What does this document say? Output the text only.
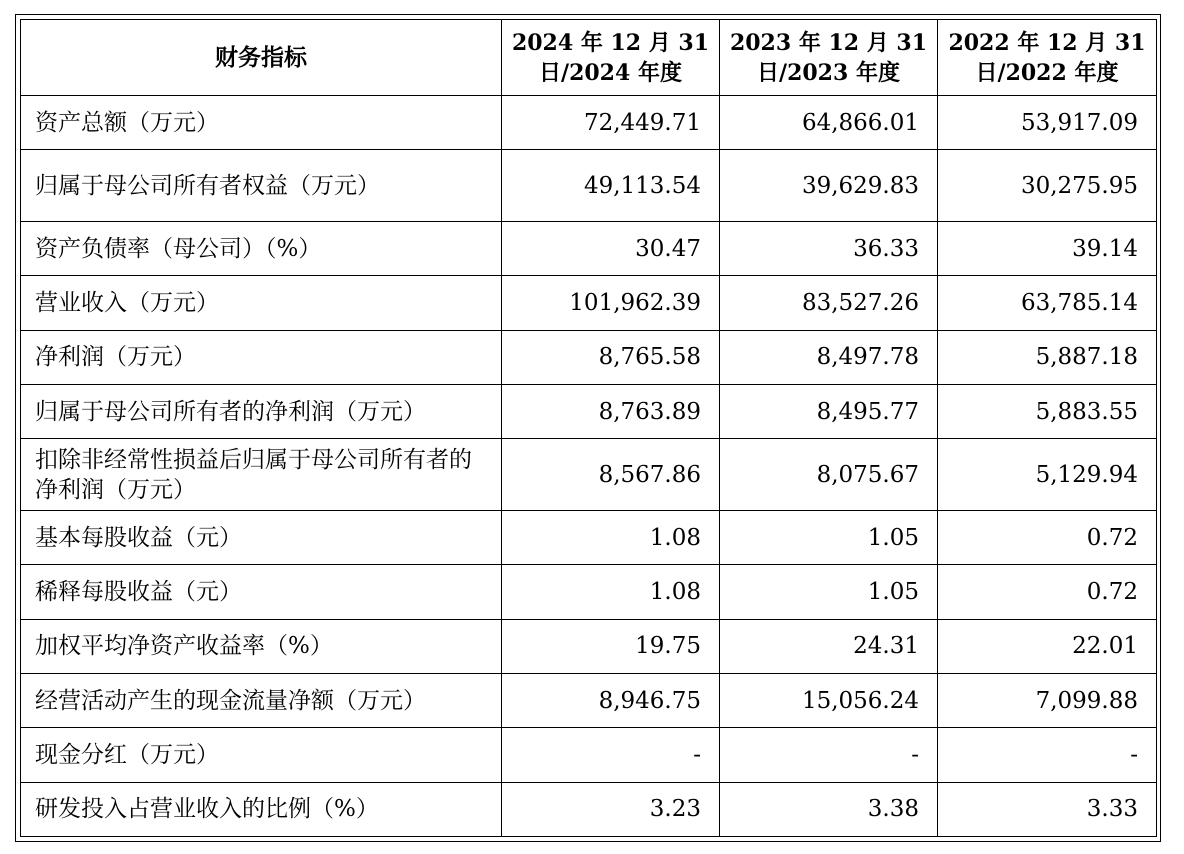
财务指标	2024 年 12 月 31 日/2024 年度	2023 年 12 月 31 日/2023 年度	2022 年 12 月 31 日/2022 年度
资产总额（万元）	72,449.71	64,866.01	53,917.09
归属于母公司所有者权益（万元）	49,113.54	39,629.83	30,275.95
资产负债率（母公司）（%）	30.47	36.33	39.14
营业收入（万元）	101,962.39	83,527.26	63,785.14
净利润（万元）	8,765.58	8,497.78	5,887.18
归属于母公司所有者的净利润（万元）	8,763.89	8,495.77	5,883.55
扣除非经常性损益后归属于母公司所有者的净利润（万元）	8,567.86	8,075.67	5,129.94
基本每股收益（元）	1.08	1.05	0.72
稀释每股收益（元）	1.08	1.05	0.72
加权平均净资产收益率（%）	19.75	24.31	22.01
经营活动产生的现金流量净额（万元）	8,946.75	15,056.24	7,099.88
现金分红（万元）	-	-	-
研发投入占营业收入的比例（%）	3.23	3.38	3.33
